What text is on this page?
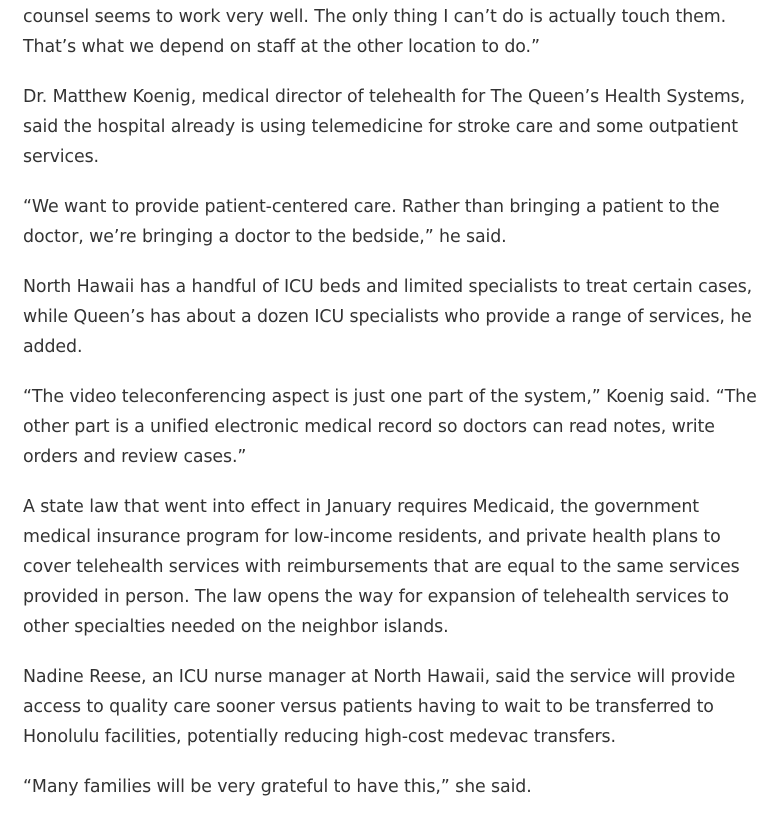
counsel seems to work very well. The only thing I can’t do is actually touch them. That’s what we depend on staff at the other location to do.”

Dr. Matthew Koenig, medical director of telehealth for The Queen’s Health Systems, said the hospital already is using telemedicine for stroke care and some outpatient services.

“We want to provide patient-centered care. Rather than bringing a patient to the doctor, we’re bringing a doctor to the bedside,” he said.

North Hawaii has a handful of ICU beds and limited specialists to treat certain cases, while Queen’s has about a dozen ICU specialists who provide a range of services, he added.

“The video teleconferencing aspect is just one part of the system,” Koenig said. “The other part is a unified electronic medical record so doctors can read notes, write orders and review cases.”

A state law that went into effect in January requires Medicaid, the government medical insurance program for low-income residents, and private health plans to cover telehealth services with reimbursements that are equal to the same services provided in person. The law opens the way for expansion of telehealth services to other specialties needed on the neighbor islands.

Nadine Reese, an ICU nurse manager at North Hawaii, said the service will provide access to quality care sooner versus patients having to wait to be transferred to Honolulu facilities, potentially reducing high-cost medevac transfers.

“Many families will be very grateful to have this,” she said.
